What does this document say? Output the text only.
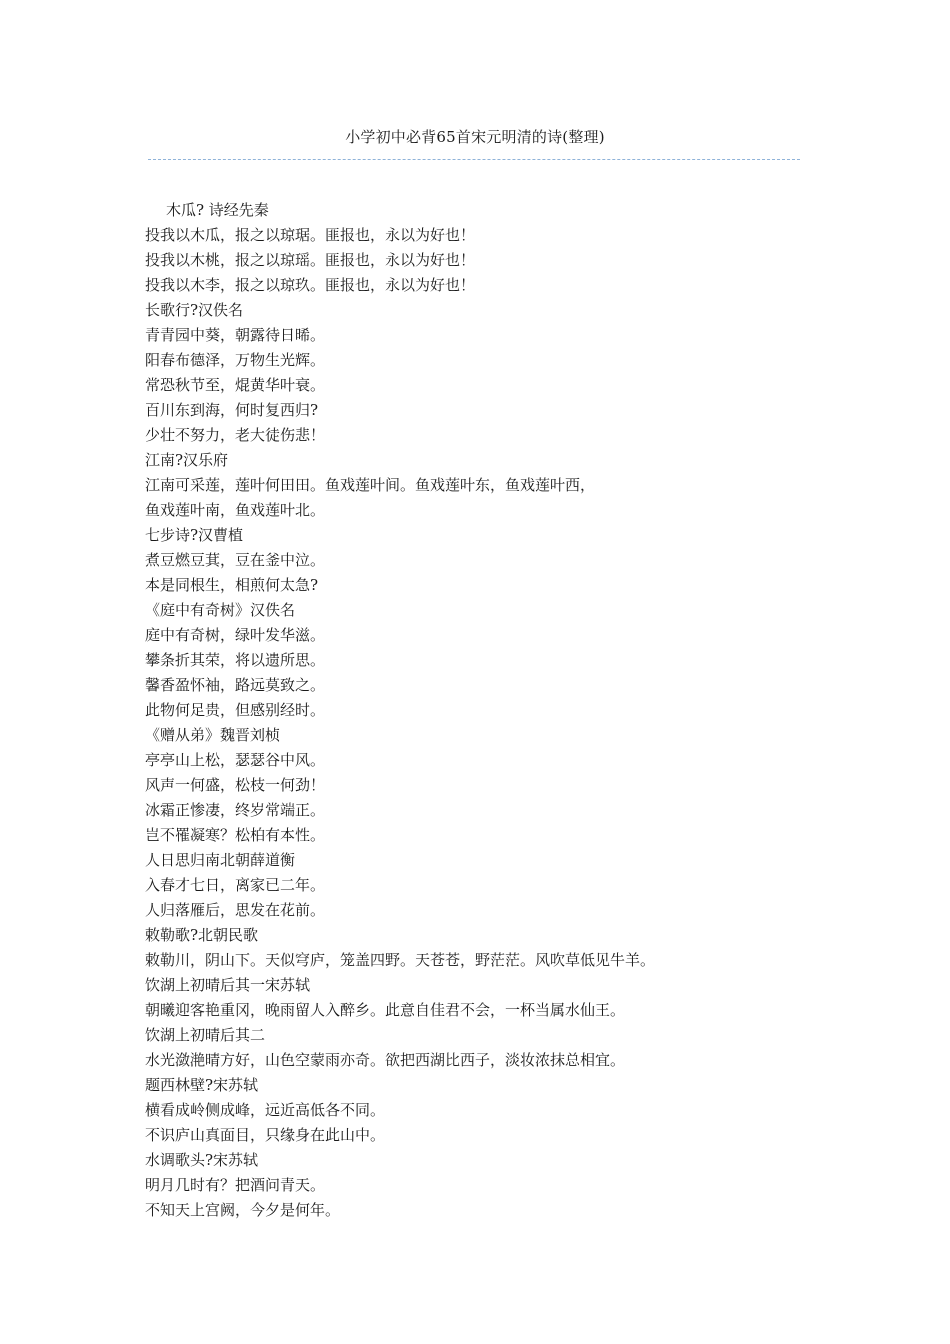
小学初中必背65首宋元明清的诗(整理)
木瓜? 诗经先秦
投我以木瓜，报之以琼琚。匪报也，永以为好也！
投我以木桃，报之以琼瑶。匪报也，永以为好也！
投我以木李，报之以琼玖。匪报也，永以为好也！
长歌行?汉佚名
青青园中葵，朝露待日晞。
阳春布德泽，万物生光辉。
常恐秋节至，焜黄华叶衰。
百川东到海，何时复西归?
少壮不努力，老大徒伤悲！
江南?汉乐府
江南可采莲，莲叶何田田。鱼戏莲叶间。鱼戏莲叶东，鱼戏莲叶西，
鱼戏莲叶南，鱼戏莲叶北。
七步诗?汉曹植
煮豆燃豆萁，豆在釜中泣。
本是同根生，相煎何太急?
《庭中有奇树》汉佚名
庭中有奇树，绿叶发华滋。
攀条折其荣，将以遗所思。
馨香盈怀袖，路远莫致之。
此物何足贵，但感别经时。
《赠从弟》魏晋刘桢
亭亭山上松，瑟瑟谷中风。
风声一何盛，松枝一何劲！
冰霜正惨凄，终岁常端正。
岂不罹凝寒？松柏有本性。
人日思归南北朝薛道衡
入春才七日，离家已二年。
人归落雁后，思发在花前。
敕勒歌?北朝民歌
敕勒川，阴山下。天似穹庐，笼盖四野。天苍苍，野茫茫。风吹草低见牛羊。
饮湖上初晴后其一宋苏轼
朝曦迎客艳重冈，晚雨留人入醉乡。此意自佳君不会，一杯当属水仙王。
饮湖上初晴后其二
水光潋滟晴方好，山色空蒙雨亦奇。欲把西湖比西子，淡妆浓抹总相宜。
题西林壁?宋苏轼
横看成岭侧成峰，远近高低各不同。
不识庐山真面目，只缘身在此山中。
水调歌头?宋苏轼
明月几时有？把酒问青天。
不知天上宫阙，今夕是何年。
